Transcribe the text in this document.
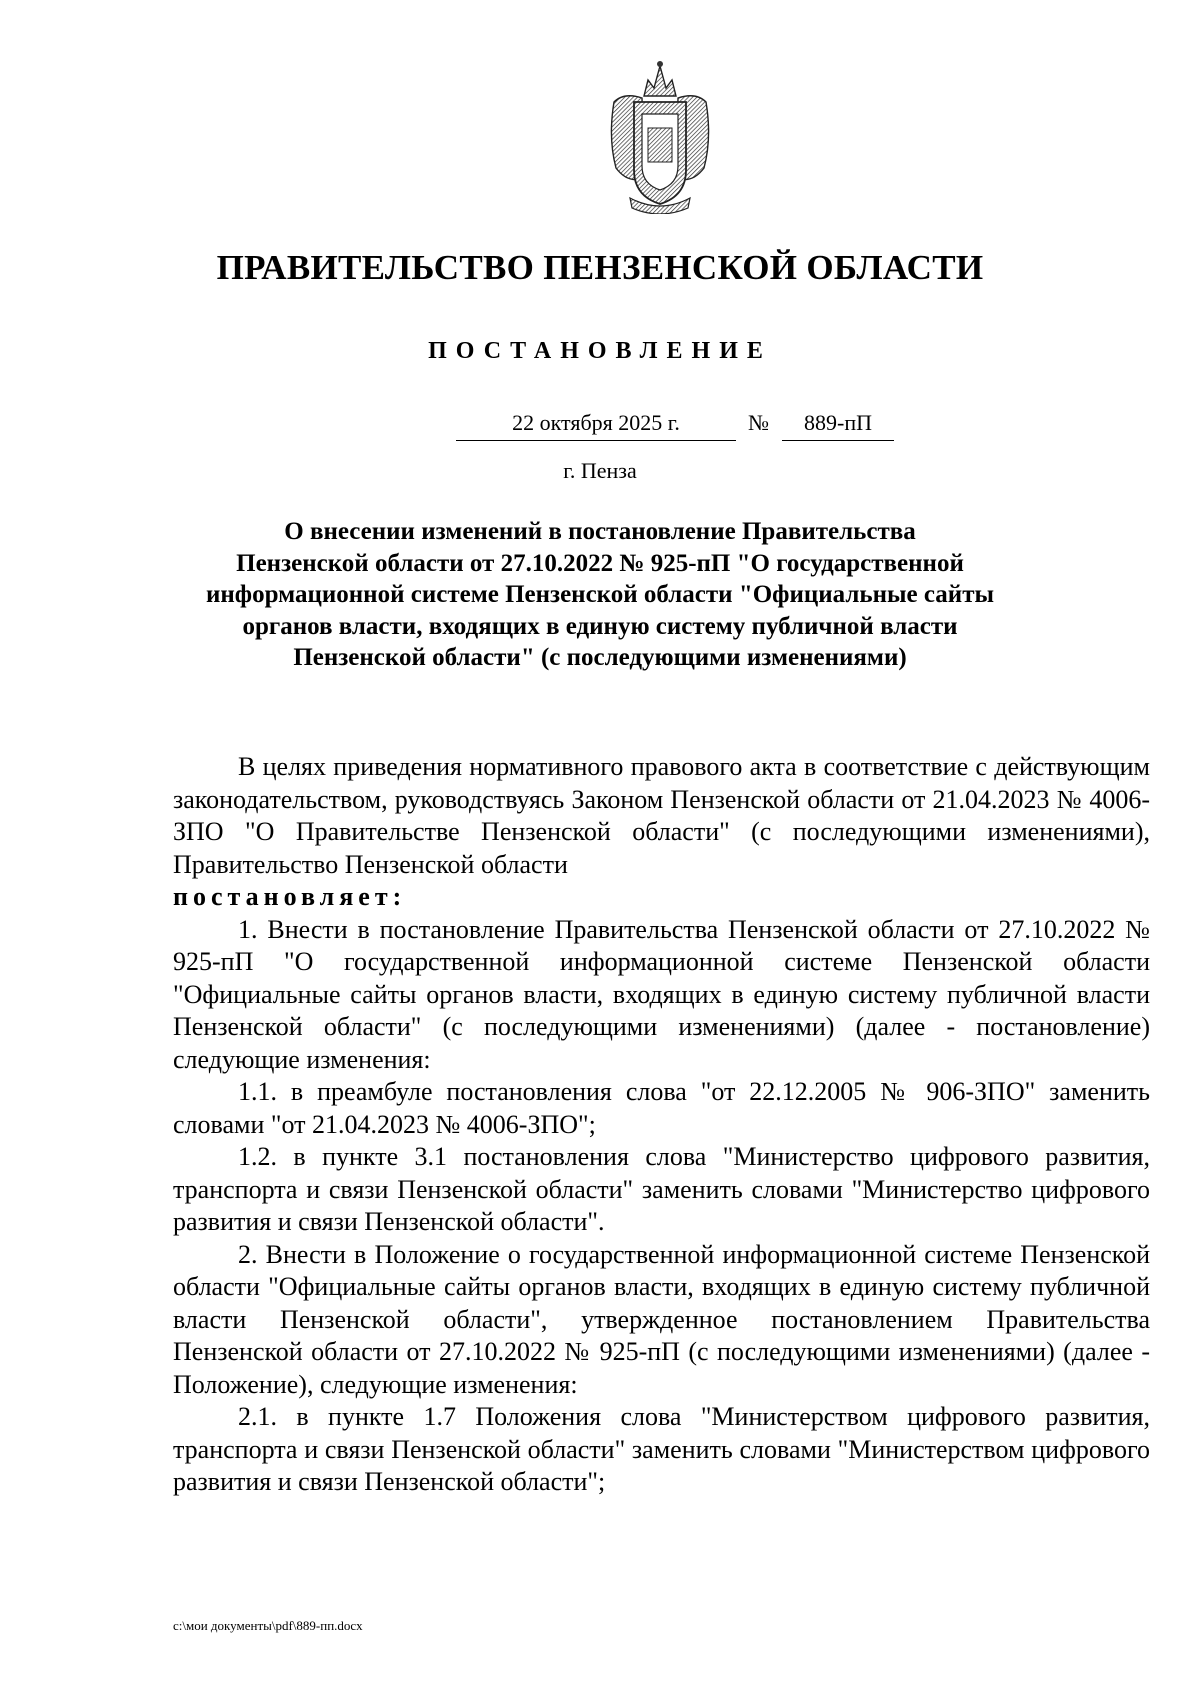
ПРАВИТЕЛЬСТВО ПЕНЗЕНСКОЙ ОБЛАСТИ
ПОСТАНОВЛЕНИЕ
22 октября 2025 г.	№	889-пП

г. Пенза

О внесении изменений в постановление Правительства
Пензенской области от 27.10.2022 № 925-пП "О государственной
информационной системе Пензенской области "Официальные сайты
органов власти, входящих в единую систему публичной власти
Пензенской области" (с последующими изменениями)

В целях приведения нормативного правового акта в соответствие с действующим законодательством, руководствуясь Законом Пензенской области от 21.04.2023 № 4006-ЗПО "О Правительстве Пензенской области" (с последующими изменениями), Правительство Пензенской области

постановляет:

1. Внести в постановление Правительства Пензенской области от 27.10.2022 № 925-пП "О государственной информационной системе Пензенской области "Официальные сайты органов власти, входящих в единую систему публичной власти Пензенской области" (с последующими изменениями) (далее - постановление) следующие изменения:

1.1. в преамбуле постановления слова "от 22.12.2005 № 906-ЗПО" заменить словами "от 21.04.2023 № 4006-ЗПО";

1.2. в пункте 3.1 постановления слова "Министерство цифрового развития, транспорта и связи Пензенской области" заменить словами "Министерство цифрового развития и связи Пензенской области".

2. Внести в Положение о государственной информационной системе Пензенской области "Официальные сайты органов власти, входящих в единую систему публичной власти Пензенской области", утвержденное постановлением Правительства Пензенской области от 27.10.2022 № 925-пП (с последующими изменениями) (далее - Положение), следующие изменения:

2.1. в пункте 1.7 Положения слова "Министерством цифрового развития, транспорта и связи Пензенской области" заменить словами "Министерством цифрового развития и связи Пензенской области";

c:\мои документы\pdf\889-пп.docx
